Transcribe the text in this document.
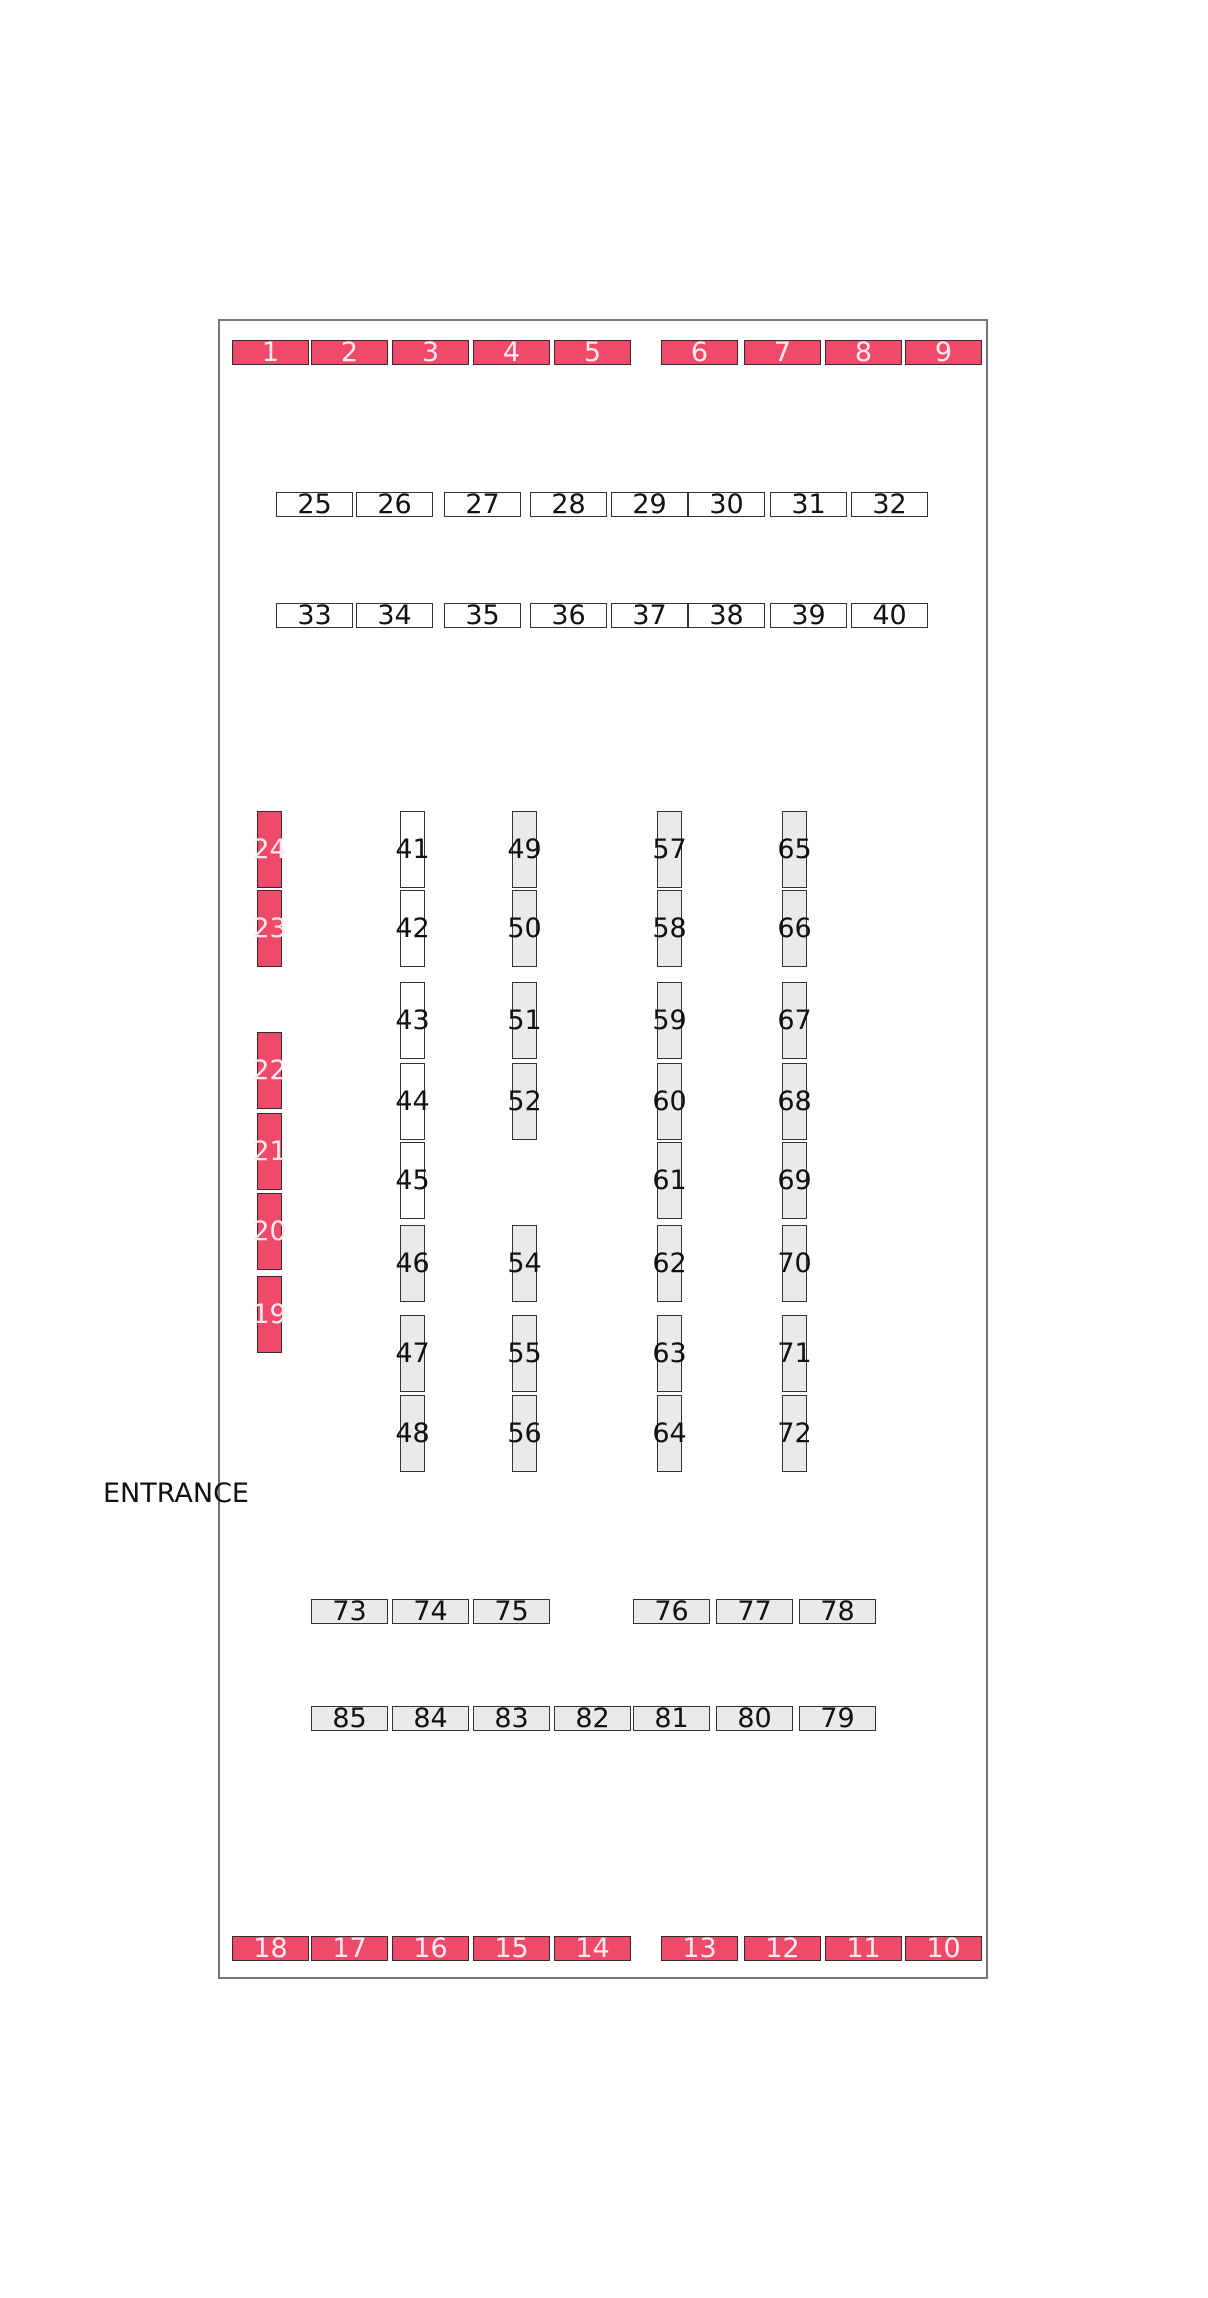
1	2	3	4	5	6	7	8	9
10
11
12
13
14
15
16
17
18
19
20
21
22
23
24
25	26	27	28	29	30	31	32
33	34	35	36	37	38	39	40
41
42
43
44
45
46
47
48
49
50
51
52
54
55
56
57
58
59
60
61
62
63
64
65
66
67
68
69
70
71
72
73	74	75	76	77	78
79
80
81
82
83
84
85
ENTRANCE
